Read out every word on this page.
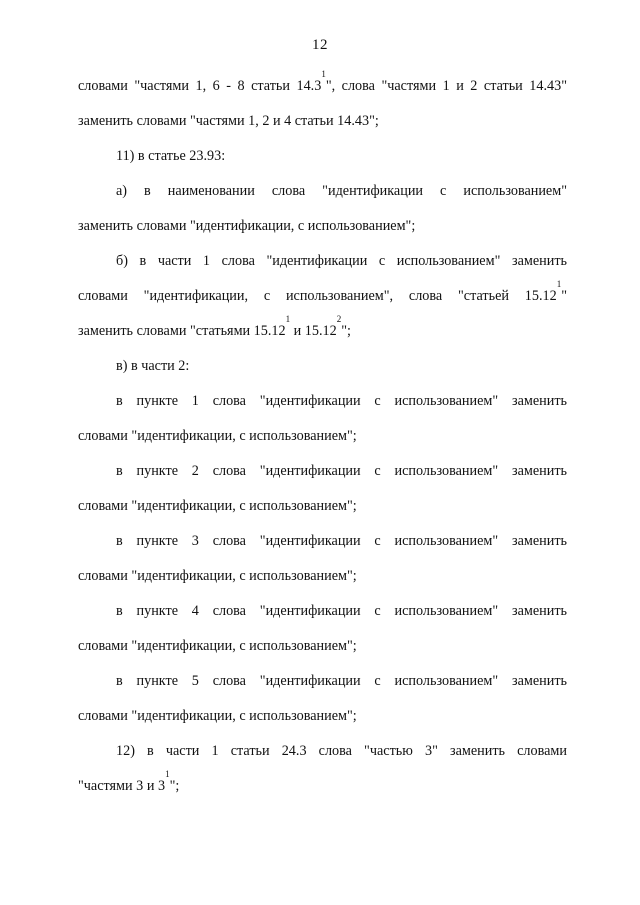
12
словами "частями 1, 6 - 8 статьи 14.3$^1$", слова "частями 1 и 2 статьи 14.43"
заменить словами "частями 1, 2 и 4 статьи 14.43";
11) в статье 23.93:
а) в наименовании слова "идентификации с использованием"
заменить словами "идентификации, с использованием";
б) в части 1 слова "идентификации с использованием" заменить
словами "идентификации, с использованием", слова "статьей 15.12$^1$"
заменить словами "статьями 15.12$^1$ и 15.12$^2$";
в) в части 2:
в пункте 1 слова "идентификации с использованием" заменить
словами "идентификации, с использованием";
в пункте 2 слова "идентификации с использованием" заменить
словами "идентификации, с использованием";
в пункте 3 слова "идентификации с использованием" заменить
словами "идентификации, с использованием";
в пункте 4 слова "идентификации с использованием" заменить
словами "идентификации, с использованием";
в пункте 5 слова "идентификации с использованием" заменить
словами "идентификации, с использованием";
12) в части 1 статьи 24.3 слова "частью 3" заменить словами
"частями 3 и $3^1$";
